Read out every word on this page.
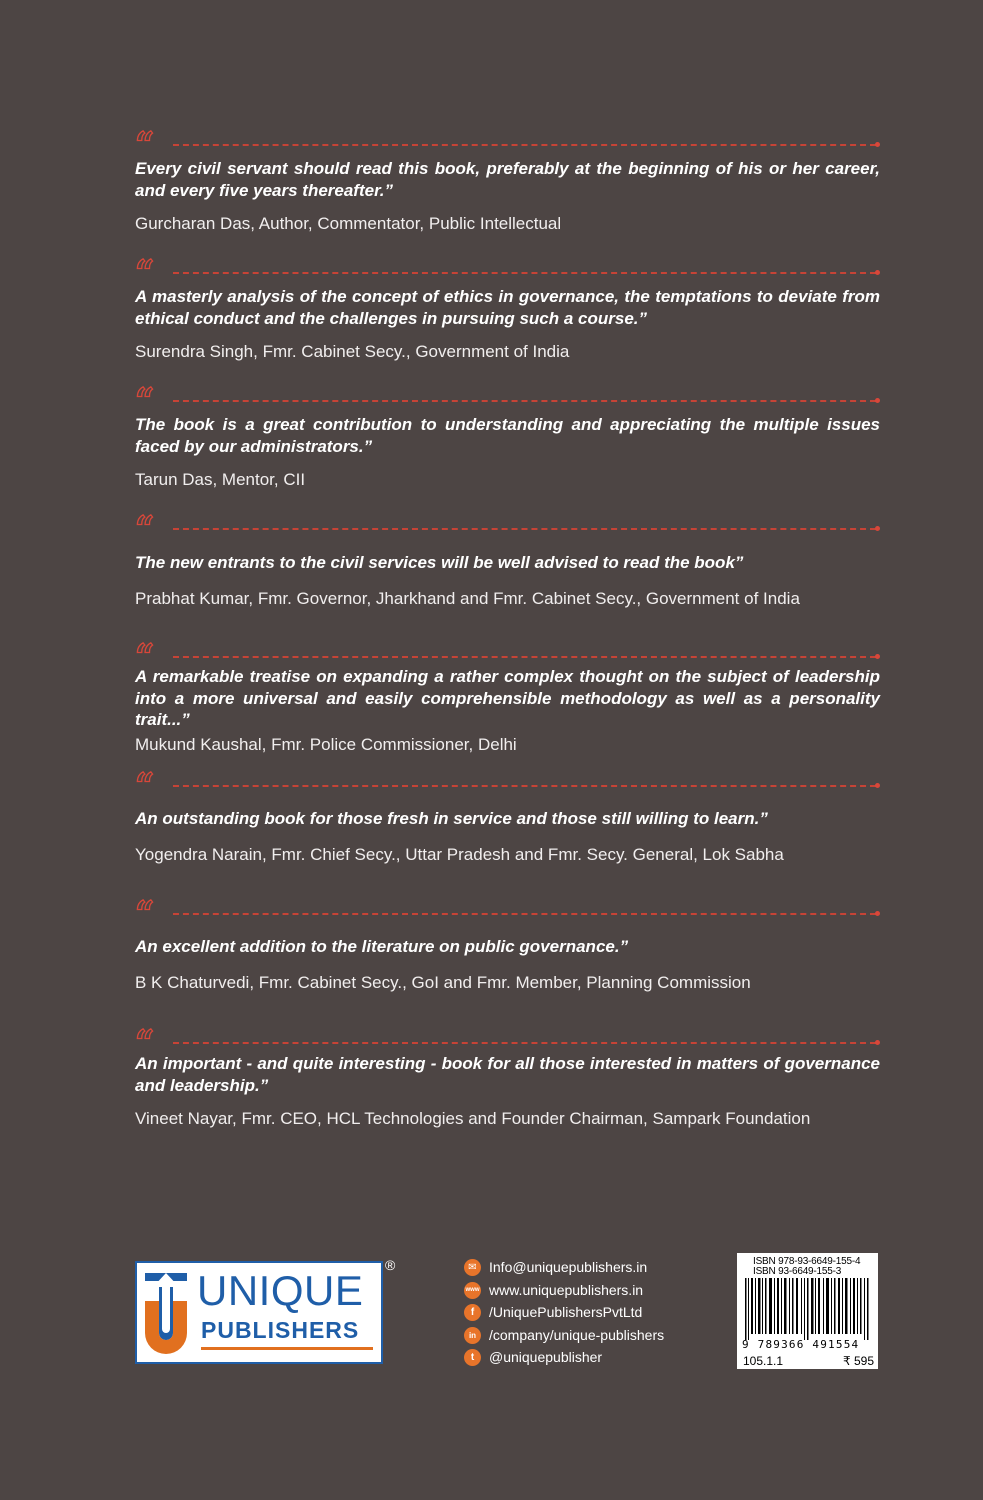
“

Every civil servant should read this book, preferably at the beginning of his or her career, and every five years thereafter.”

Gurcharan Das, Author, Commentator, Public Intellectual

“

A masterly analysis of the concept of ethics in governance, the temptations to deviate from ethical conduct and the challenges in pursuing such a course.”

Surendra Singh, Fmr. Cabinet Secy., Government of India

“

The book is a great contribution to understanding and appreciating the multiple issues faced by our administrators.”

Tarun Das, Mentor, CII

“

The new entrants to the civil services will be well advised to read the book”

Prabhat Kumar, Fmr. Governor, Jharkhand and Fmr. Cabinet Secy., Government of India

“

A remarkable treatise on expanding a rather complex thought on the subject of leadership into a more universal and easily comprehensible methodology as well as a personality trait...”

Mukund Kaushal, Fmr. Police Commissioner, Delhi

“

An outstanding book for those fresh in service and those still willing to learn.”

Yogendra Narain, Fmr. Chief Secy., Uttar Pradesh and Fmr. Secy. General, Lok Sabha

“

An excellent addition to the literature on public governance.”

B K Chaturvedi, Fmr. Cabinet Secy., GoI and Fmr. Member, Planning Commission

“

An important - and quite interesting - book for all those interested in matters of governance and leadership.”

Vineet Nayar, Fmr. CEO, HCL Technologies and Founder Chairman, Sampark Foundation

UNIQUE
PUBLISHERS
®	✉ Info@uniquepublishers.in
www www.uniquepublishers.in
f	/UniquePublishersPvtLtd
in /company/unique-publishers
t	@uniquepublisher
ISBN 978-93-6649-155-4
ISBN 93-6649-155-3
9 789366 491554
105.1.1	₹ 595
